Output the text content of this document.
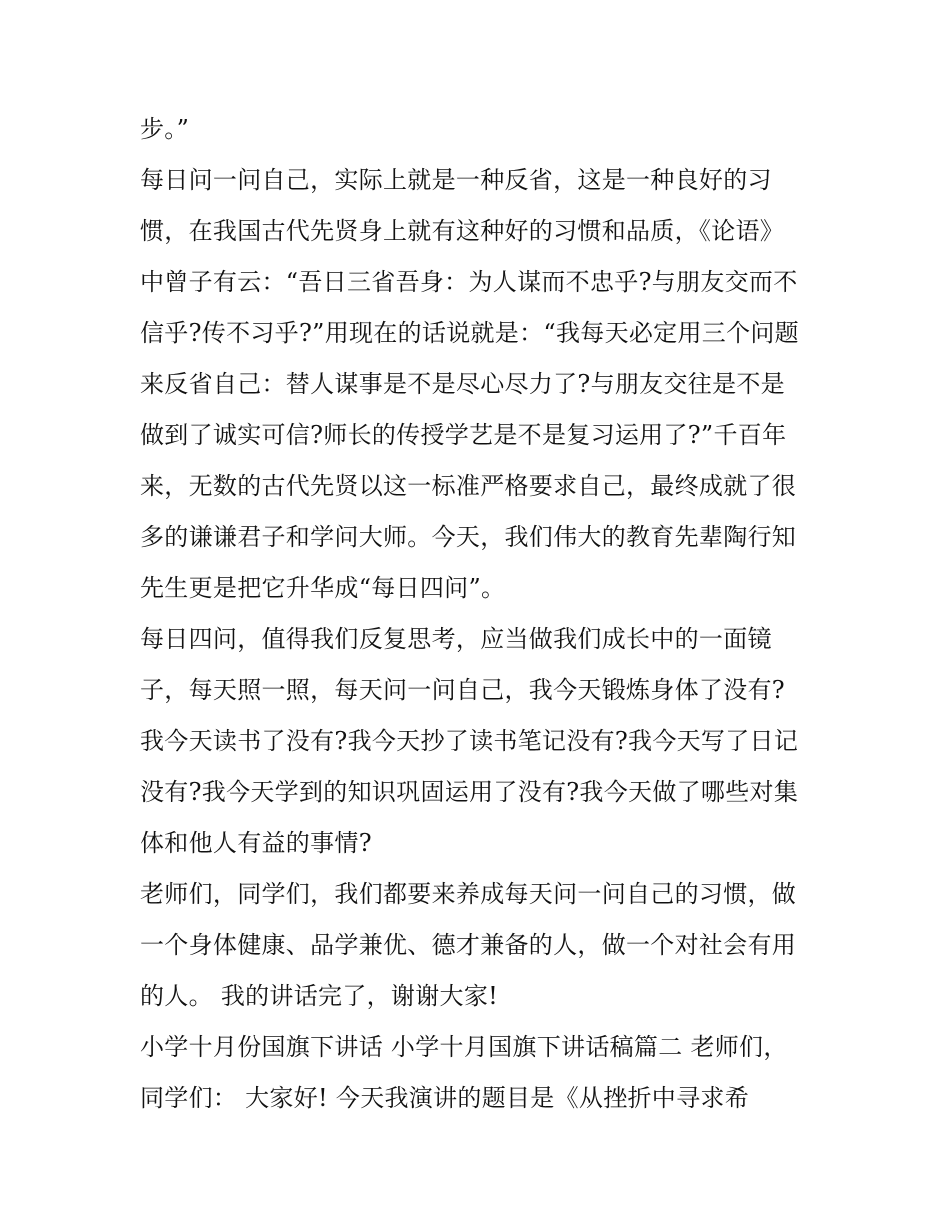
步。”
每日问一问自己，实际上就是一种反省，这是一种良好的习
惯，在我国古代先贤身上就有这种好的习惯和品质，《论语》
中曾子有云：“吾日三省吾身：为人谋而不忠乎?与朋友交而不
信乎?传不习乎?”用现在的话说就是：“我每天必定用三个问题
来反省自己：替人谋事是不是尽心尽力了?与朋友交往是不是
做到了诚实可信?师长的传授学艺是不是复习运用了?”千百年
来，无数的古代先贤以这一标准严格要求自己，最终成就了很
多的谦谦君子和学问大师。今天，我们伟大的教育先辈陶行知
先生更是把它升华成“每日四问”。
每日四问，值得我们反复思考，应当做我们成长中的一面镜
子，每天照一照，每天问一问自己，我今天锻炼身体了没有?
我今天读书了没有?我今天抄了读书笔记没有?我今天写了日记
没有?我今天学到的知识巩固运用了没有?我今天做了哪些对集
体和他人有益的事情?
老师们，同学们，我们都要来养成每天问一问自己的习惯，做
一个身体健康、品学兼优、德才兼备的人，做一个对社会有用
的人。 我的讲话完了，谢谢大家!
小学十月份国旗下讲话 小学十月国旗下讲话稿篇二 老师们，
同学们： 大家好! 今天我演讲的题目是《从挫折中寻求希
